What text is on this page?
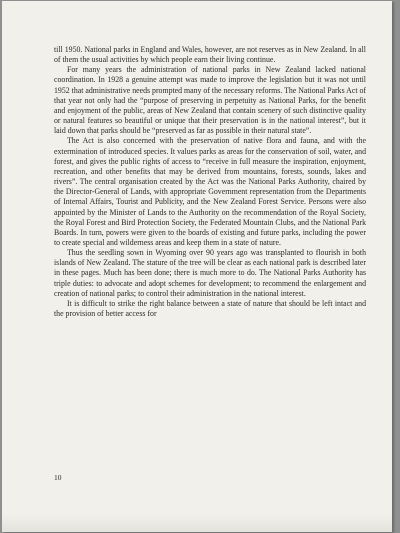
till 1950. National parks in England and Wales, however, are not reserves as in New Zealand. In all of them the usual activities by which people earn their living continue.

For many years the administration of national parks in New Zealand lacked national coordination. In 1928 a genuine attempt was made to improve the legislation but it was not until 1952 that administrative needs prompted many of the necessary reforms. The National Parks Act of that year not only had the “purpose of preserving in perpetuity as National Parks, for the benefit and enjoyment of the public, areas of New Zealand that contain scenery of such distinctive quality or natural features so beautiful or unique that their preservation is in the national interest”, but it laid down that parks should be “preserved as far as possible in their natural state”.

The Act is also concerned with the preservation of native flora and fauna, and with the extermination of introduced species. It values parks as areas for the conservation of soil, water, and forest, and gives the public rights of access to “receive in full measure the inspiration, enjoyment, recreation, and other benefits that may be derived from mountains, forests, sounds, lakes and rivers”. The central organisation created by the Act was the National Parks Authority, chaired by the Director-General of Lands, with appropriate Government representation from the Departments of Internal Affairs, Tourist and Publicity, and the New Zealand Forest Service. Persons were also appointed by the Minister of Lands to the Authority on the recommendation of the Royal Society, the Royal Forest and Bird Protection Society, the Federated Mountain Clubs, and the National Park Boards. In turn, powers were given to the boards of existing and future parks, including the power to create special and wilderness areas and keep them in a state of nature.

Thus the seedling sown in Wyoming over 90 years ago was transplanted to flourish in both islands of New Zealand. The stature of the tree will be clear as each national park is described later in these pages. Much has been done; there is much more to do. The National Parks Authority has triple duties: to advocate and adopt schemes for development; to recommend the enlargement and creation of national parks; to control their administration in the national interest.

It is difficult to strike the right balance between a state of nature that should be left intact and the provision of better access for

10
